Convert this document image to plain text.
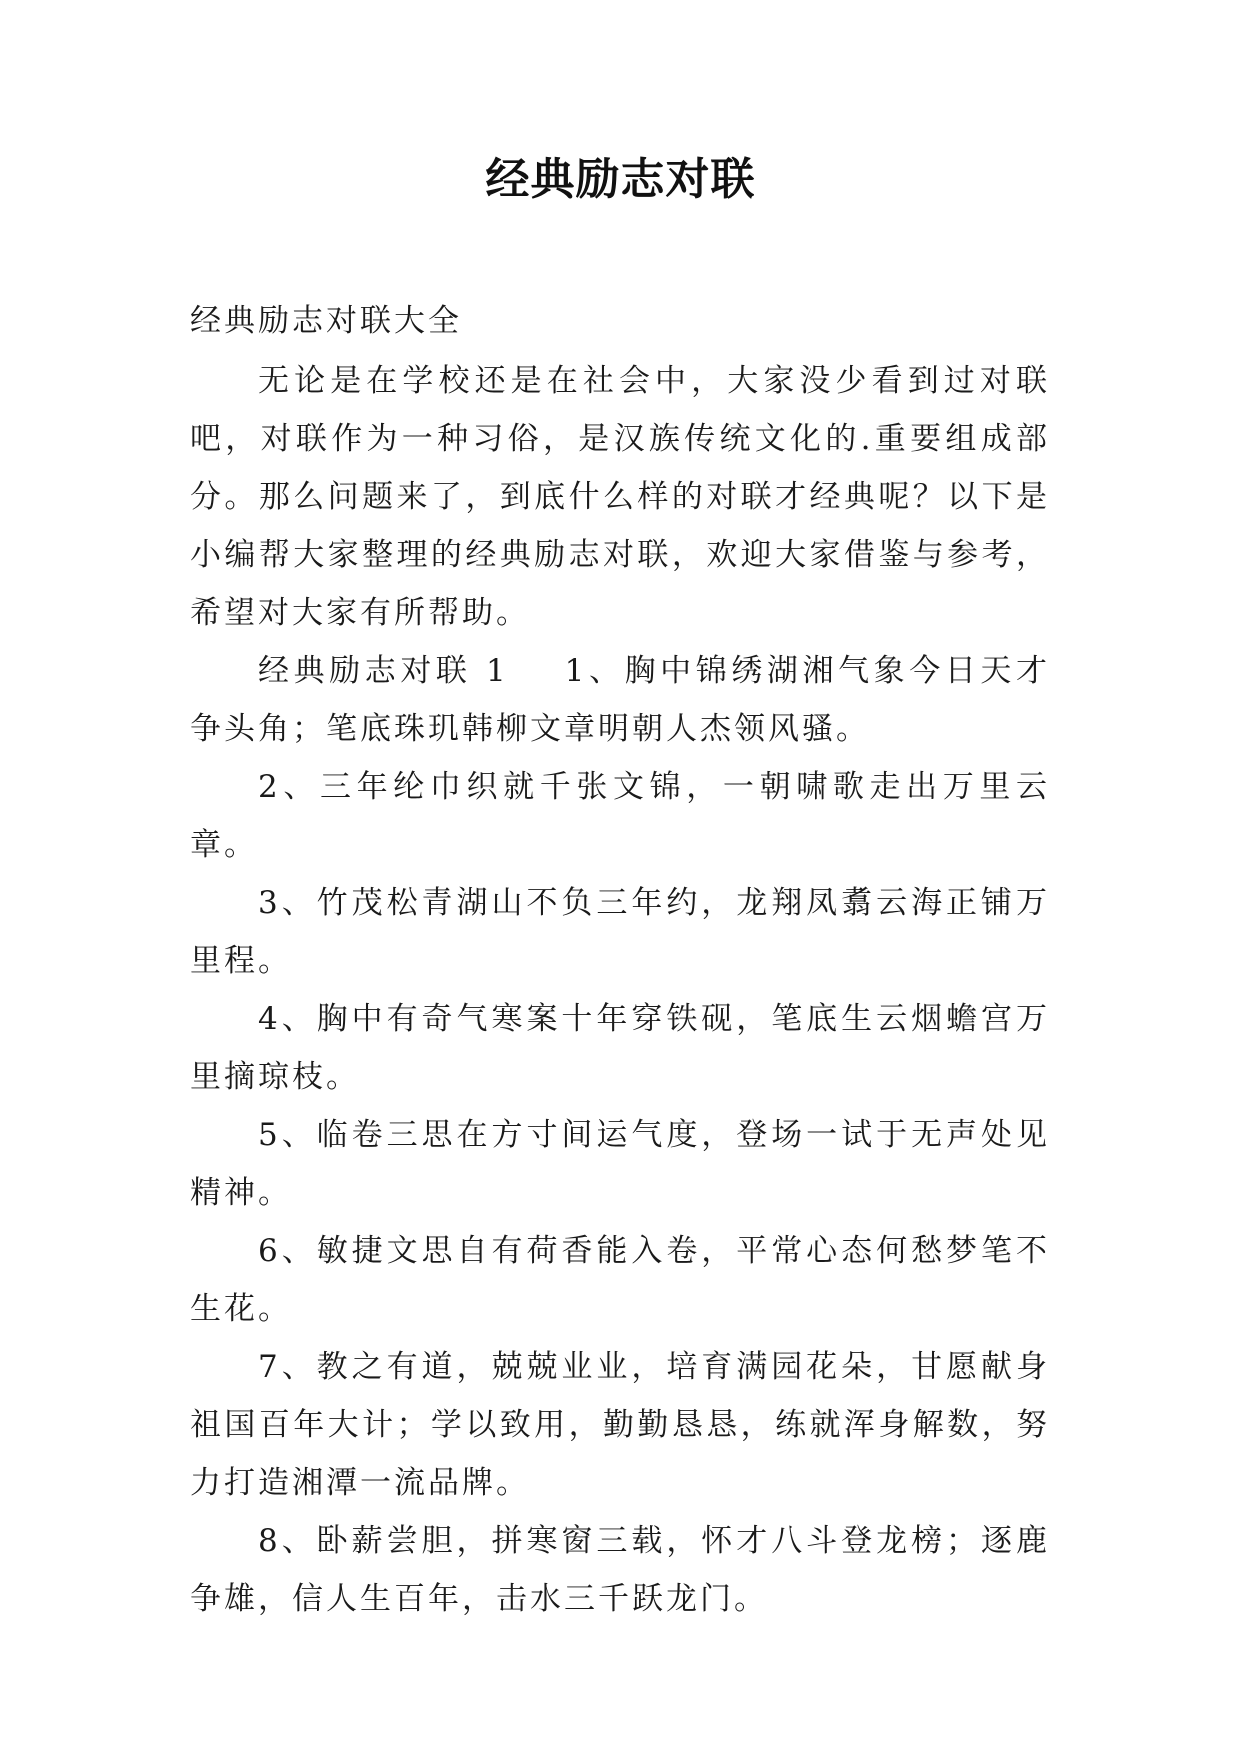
经典励志对联

经典励志对联大全

无论是在学校还是在社会中，大家没少看到过对联吧，对联作为一种习俗，是汉族传统文化的.重要组成部分。那么问题来了，到底什么样的对联才经典呢？以下是小编帮大家整理的经典励志对联，欢迎大家借鉴与参考，希望对大家有所帮助。

经典励志对联 1 1、胸中锦绣湖湘气象今日天才争头角；笔底珠玑韩柳文章明朝人杰领风骚。

2、三年纶巾织就千张文锦，一朝啸歌走出万里云章。

3、竹茂松青湖山不负三年约，龙翔凤翥云海正铺万里程。

4、胸中有奇气寒案十年穿铁砚，笔底生云烟蟾宫万里摘琼枝。

5、临卷三思在方寸间运气度，登场一试于无声处见精神。

6、敏捷文思自有荷香能入卷，平常心态何愁梦笔不生花。

7、教之有道，兢兢业业，培育满园花朵，甘愿献身祖国百年大计；学以致用，勤勤恳恳，练就浑身解数，努力打造湘潭一流品牌。

8、卧薪尝胆，拼寒窗三载，怀才八斗登龙榜；逐鹿争雄，信人生百年，击水三千跃龙门。
